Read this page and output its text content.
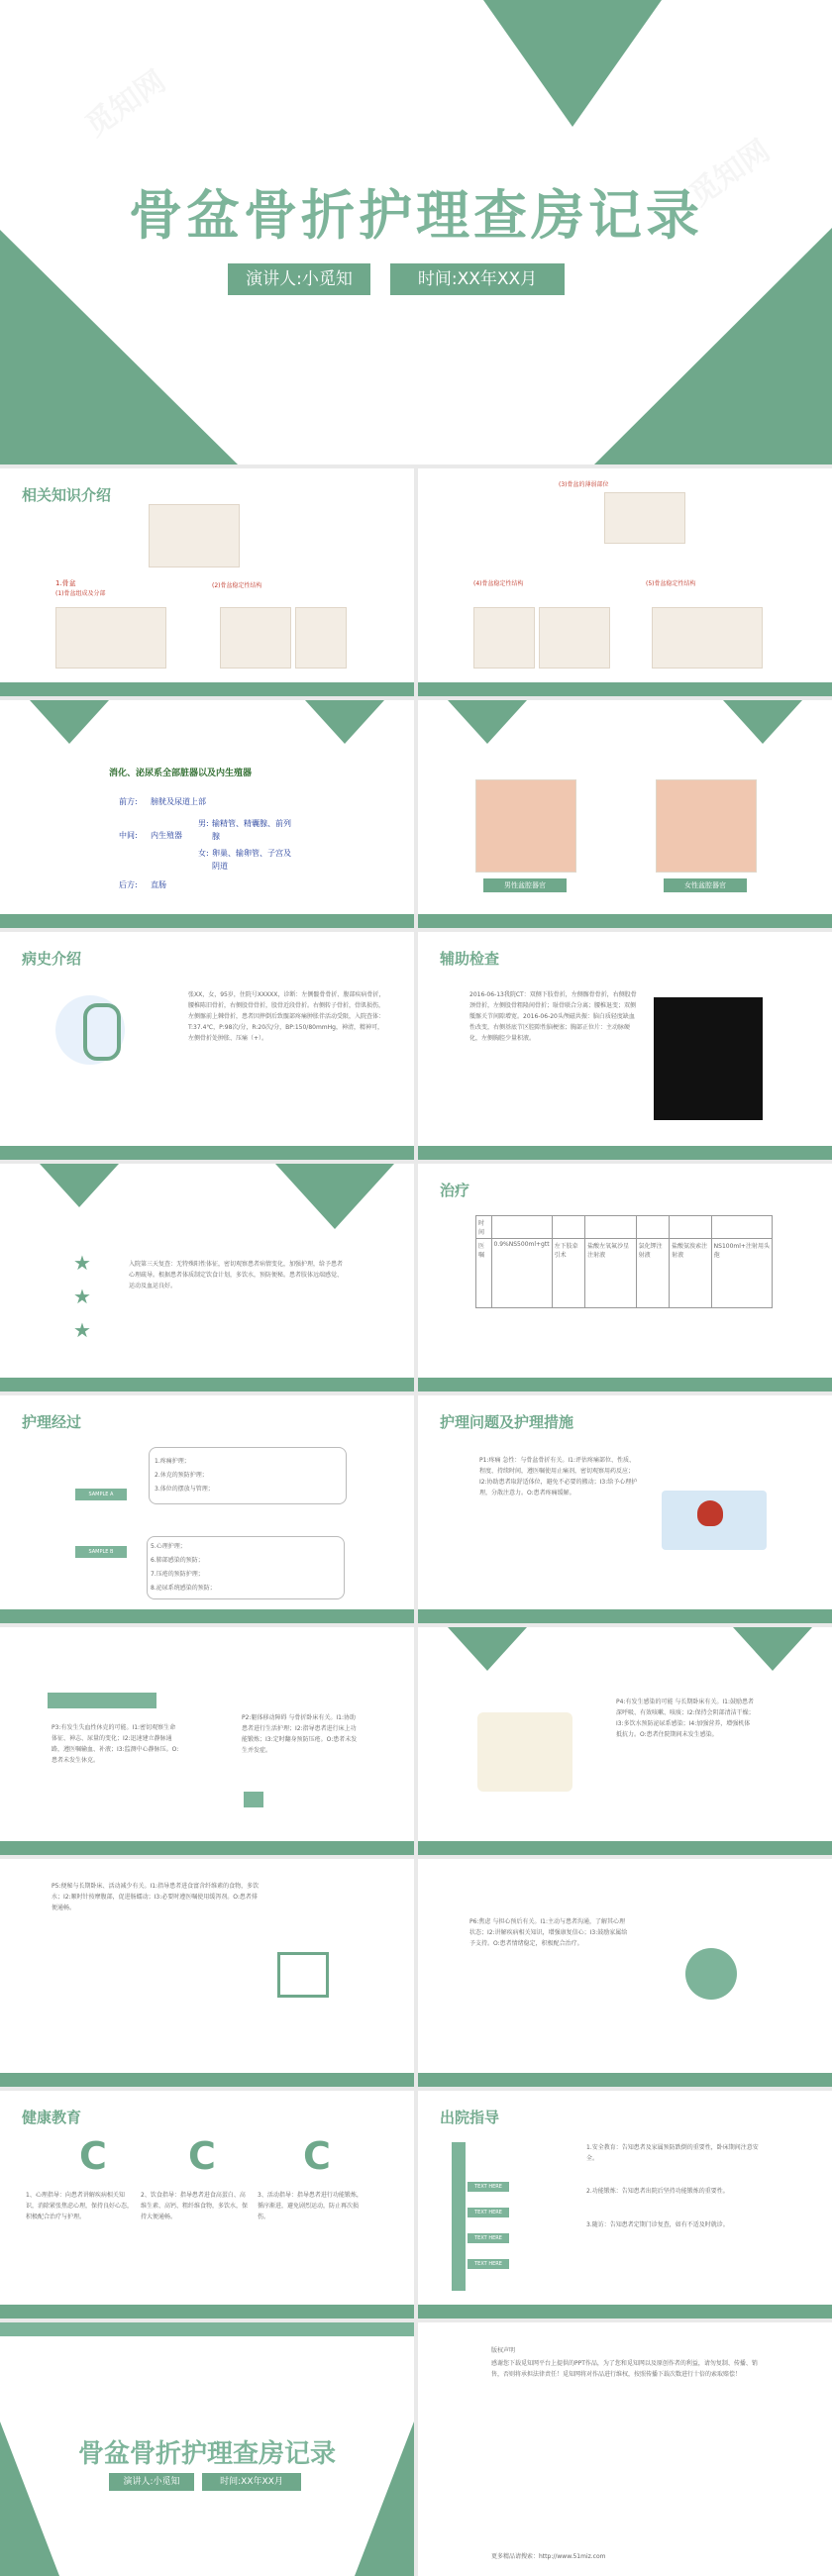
骨盆骨折护理查房记录
演讲人:小觅知	时间:XX年XX月
相关知识介绍
1.骨盆
(1)骨盆组成及分部
(2)骨盆稳定性结构
(3)骨盆的薄弱部位
(4)骨盆稳定性结构	(5)骨盆稳定性结构
消化、泌尿系全部脏器以及内生殖器
前方: 膀胱及尿道上部
中间: 内生殖器
男: 输精管、精囊腺、前列腺
女: 卵巢、输卵管、子宫及阴道
后方: 直肠	男性盆腔器官	女性盆腔器官
病史介绍
张XX，女，95岁，住院号XXXXX，诊断：左侧髋骨骨折、腹部疾病骨折，腰椎陈旧骨折，右侧股骨骨折，股骨近段骨折。右侧转子骨折，骨肌损伤，左侧髂前上棘骨折，患者因摔倒后致髋部疼痛肿胀伴活动受限，入院查体：T:37.4℃，P:98次/分，R:20次/分，BP:150/80mmHg，神清，精神可，左侧骨折处肿胀、压痛（+）。
辅助检查
2016-06-13我院CT：双侧下肢骨折，左侧髂骨骨折，右侧股骨颈骨折，左侧股骨粗隆间骨折；耻骨联合分离；腰椎退变；双侧骶髂关节间隙增宽。2016-06-20头颅磁共振：脑白质轻度缺血性改变，右侧基底节区腔隙性脑梗塞；胸部正位片：主动脉硬化，左侧胸腔少量积液。
★
★
★
入院第三天复查：无特殊阳性体征，密切观察患者病情变化，加强护理，给予患者心理疏导。根据患者体质制定饮食计划，多饮水，预防便秘。患者肢体远端感觉、运动及血运良好。
治疗
时间						
医嘱	0.9%NS500ml+gtt	左下肢牵引术	盐酸左氧氟沙星注射液	氯化钾注射液	盐酸氨溴索注射液	NS100ml+注射用头孢
护理经过
SAMPLE A
1.疼痛护理；
2.休克的预防护理；
3.体位的摆放与管理；
SAMPLE B
5.心理护理；
6.肺部感染的预防；
7.压疮的预防护理；
8.泌尿系统感染的预防；
护理问题及护理措施
P1:疼痛 急性：与骨盆骨折有关。I1:评估疼痛部位、性质、程度、持续时间，遵医嘱使用止痛剂，密切观察用药反应；I2:协助患者取舒适体位，避免不必要的搬动；I3:给予心理护理，分散注意力。O:患者疼痛缓解。
P3:有发生失血性休克的可能。I1:密切观察生命体征、神志、尿量的变化；I2:迅速建立静脉通路，遵医嘱输血、补液；I3:监测中心静脉压。O:患者未发生休克。
P2:躯体移动障碍 与骨折卧床有关。I1:协助患者进行生活护理；I2:指导患者进行床上功能锻炼；I3:定时翻身预防压疮。O:患者未发生并发症。
P4:有发生感染的可能 与长期卧床有关。I1:鼓励患者深呼吸、有效咳嗽、咳痰；I2:保持会阴部清洁干燥；I3:多饮水预防泌尿系感染；I4:加强营养，增强机体抵抗力。O:患者住院期间未发生感染。
P5:便秘与长期卧床、活动减少有关。I1:指导患者进食富含纤维素的食物，多饮水；I2:顺时针按摩腹部，促进肠蠕动；I3:必要时遵医嘱使用缓泻剂。O:患者排便通畅。
P6:焦虑 与担心预后有关。I1:主动与患者沟通，了解其心理状态；I2:讲解疾病相关知识，增强康复信心；I3:鼓励家属给予支持。O:患者情绪稳定，积极配合治疗。
健康教育
C C C
1、心理指导：向患者讲解疾病相关知识，消除紧张焦虑心理，保持良好心态，积极配合治疗与护理。
2、饮食指导：指导患者进食高蛋白、高维生素、高钙、粗纤维食物，多饮水，保持大便通畅。
3、活动指导：指导患者进行功能锻炼，循序渐进，避免剧烈运动，防止再次损伤。
出院指导
TEXT HERE
TEXT HERE
TEXT HERE
TEXT HERE
1.安全教育：告知患者及家属预防跌倒的重要性，卧床期间注意安全。
2.功能锻炼：告知患者出院后坚持功能锻炼的重要性。
3.随访：告知患者定期门诊复查，如有不适及时就诊。
骨盆骨折护理查房记录
演讲人:小觅知	时间:XX年XX月
版权声明
感谢您下载觅知网平台上提供的PPT作品，为了您和觅知网以及原创作者的利益，请勿复制、传播、销售，否则将承担法律责任！觅知网将对作品进行维权，按照传播下载次数进行十倍的索取赔偿！
更多精品请搜索：http://www.51miz.com
